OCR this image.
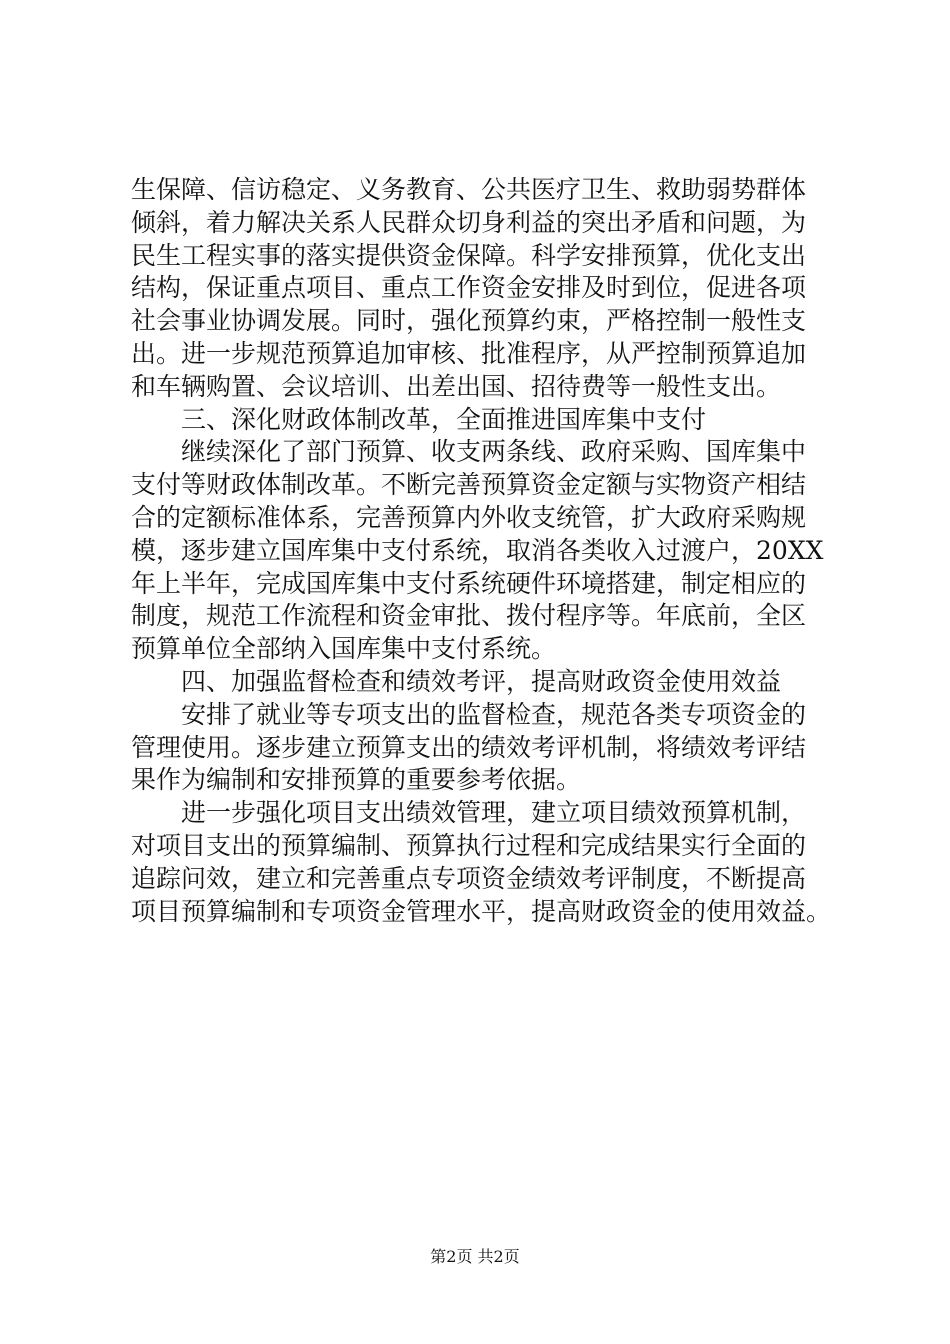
生保障、信访稳定、义务教育、公共医疗卫生、救助弱势群体
倾斜，着力解决关系人民群众切身利益的突出矛盾和问题，为
民生工程实事的落实提供资金保障。科学安排预算，优化支出
结构，保证重点项目、重点工作资金安排及时到位，促进各项
社会事业协调发展。同时，强化预算约束，严格控制一般性支
出。进一步规范预算追加审核、批准程序，从严控制预算追加
和车辆购置、会议培训、出差出国、招待费等一般性支出。
三、深化财政体制改革，全面推进国库集中支付
继续深化了部门预算、收支两条线、政府采购、国库集中
支付等财政体制改革。不断完善预算资金定额与实物资产相结
合的定额标准体系，完善预算内外收支统管，扩大政府采购规
模，逐步建立国库集中支付系统，取消各类收入过渡户，20XX
年上半年，完成国库集中支付系统硬件环境搭建，制定相应的
制度，规范工作流程和资金审批、拨付程序等。年底前，全区
预算单位全部纳入国库集中支付系统。
四、加强监督检查和绩效考评，提高财政资金使用效益
安排了就业等专项支出的监督检查，规范各类专项资金的
管理使用。逐步建立预算支出的绩效考评机制，将绩效考评结
果作为编制和安排预算的重要参考依据。
进一步强化项目支出绩效管理，建立项目绩效预算机制，
对项目支出的预算编制、预算执行过程和完成结果实行全面的
追踪问效，建立和完善重点专项资金绩效考评制度，不断提高
项目预算编制和专项资金管理水平，提高财政资金的使用效益。
第2页 共2页
